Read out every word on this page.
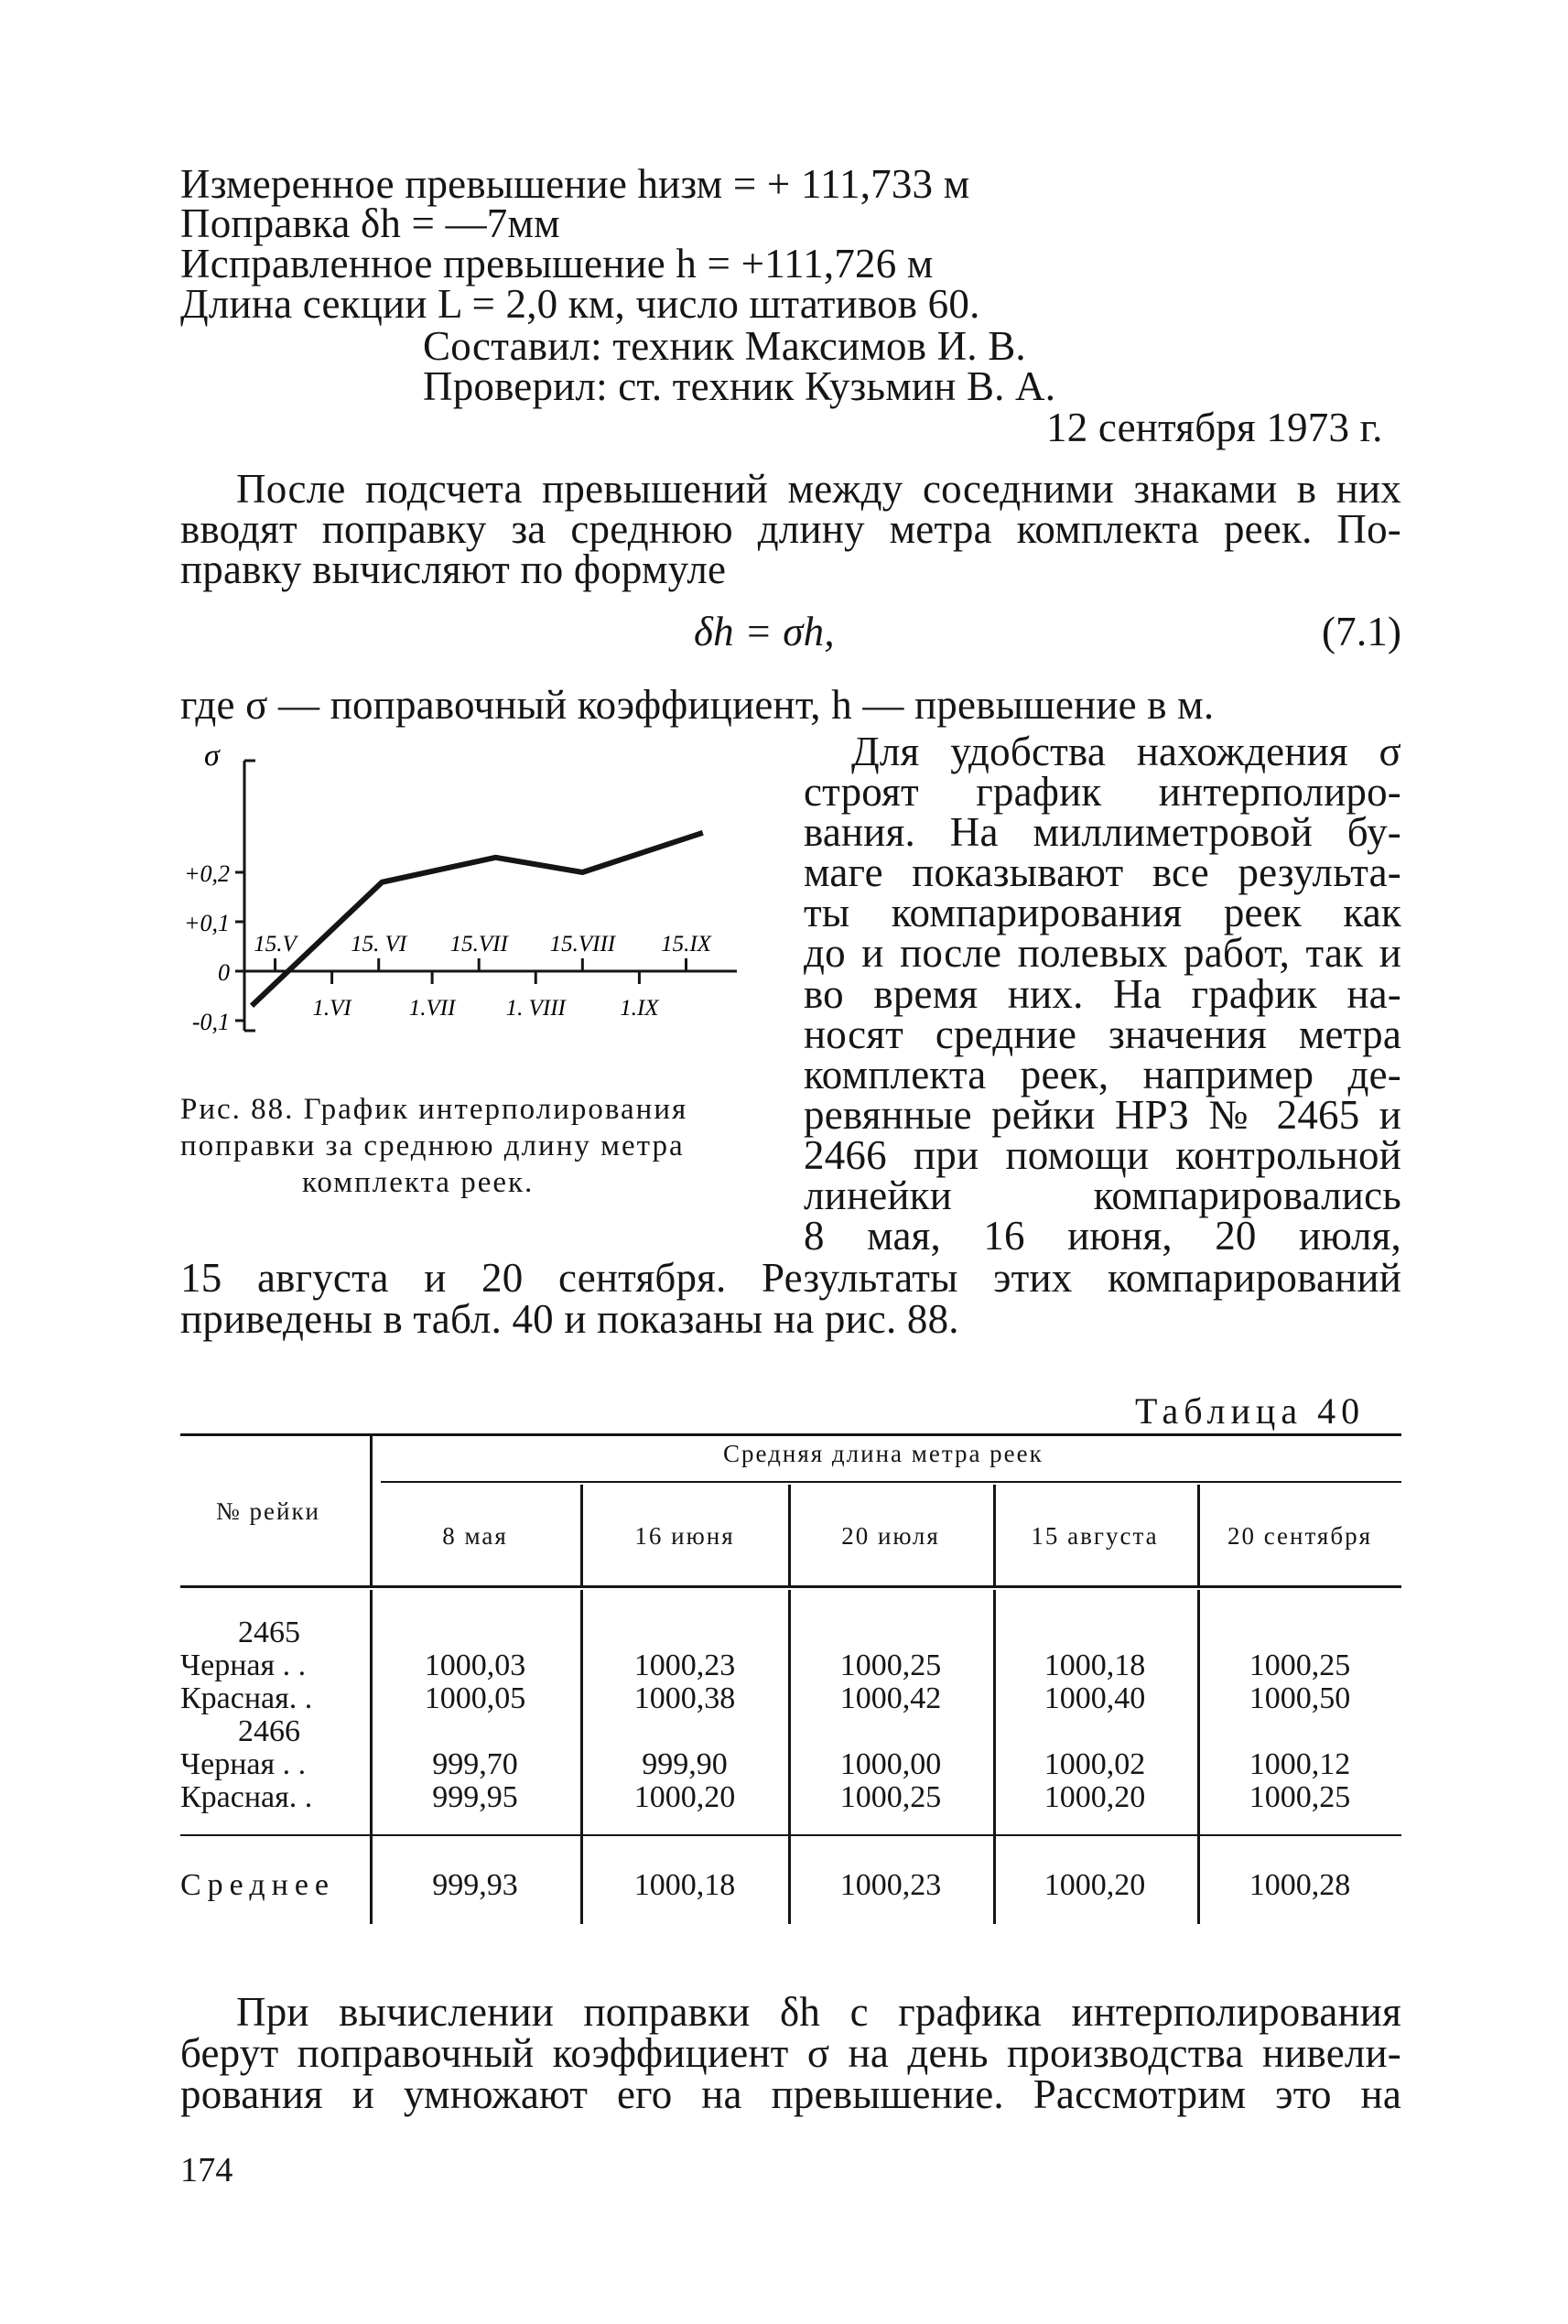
Измеренное превышение hизм = + 111,733 м
Поправка δh = —7мм
Исправленное превышение h = +111,726 м
Длина секции L = 2,0 км, число штативов 60.
Составил: техник Максимов И. В.
Проверил: ст. техник Кузьмин В. А.
12 сентября 1973 г.
После подсчета превышений между соседними знаками в них
вводят поправку за среднюю длину метра комплекта реек. По-
правку вычисляют по формуле
δh = σh,	(7.1)
где σ — поправочный коэффициент, h — превышение в м.
σ
+0,2
+0,1
0
-0,1
15.V 15. VI 15.VII 15.VIII 15.IX
1.VI	1.VII 1. VIII 1.IX
Рис. 88. График интерполирования
поправки за среднюю длину метра
комплекта реек.
Для удобства нахождения σ
строят график интерполиро-
вания. На миллиметровой бу-
маге показывают все результа-
ты компарирования реек как
до и после полевых работ, так и
во время них. На график на-
носят средние значения метра
комплекта реек, например де-
ревянные рейки НРЗ № 2465 и
2466 при помощи контрольной
линейки компарировались
8 мая, 16 июня, 20 июля,
15 августа и 20 сентября. Результаты этих компарирований
приведены в табл. 40 и показаны на рис. 88.
Таблица 40
Средняя длина метра реек
№ рейки
8 мая	16 июня	20 июля	15 августа	20 сентября
2465
Черная . .	1000,03	1000,23	1000,25	1000,18	1000,25
Красная. .	1000,05	1000,38	1000,42	1000,40	1000,50
2466
Черная . .	999,70	999,90	1000,00	1000,02	1000,12
Красная. .	999,95	1000,20	1000,25	1000,20	1000,25
Среднее	999,93	1000,18	1000,23	1000,20	1000,28
При вычислении поправки δh с графика интерполирования
берут поправочный коэффициент σ на день производства нивели-
рования и умножают его на превышение. Рассмотрим это на
174
